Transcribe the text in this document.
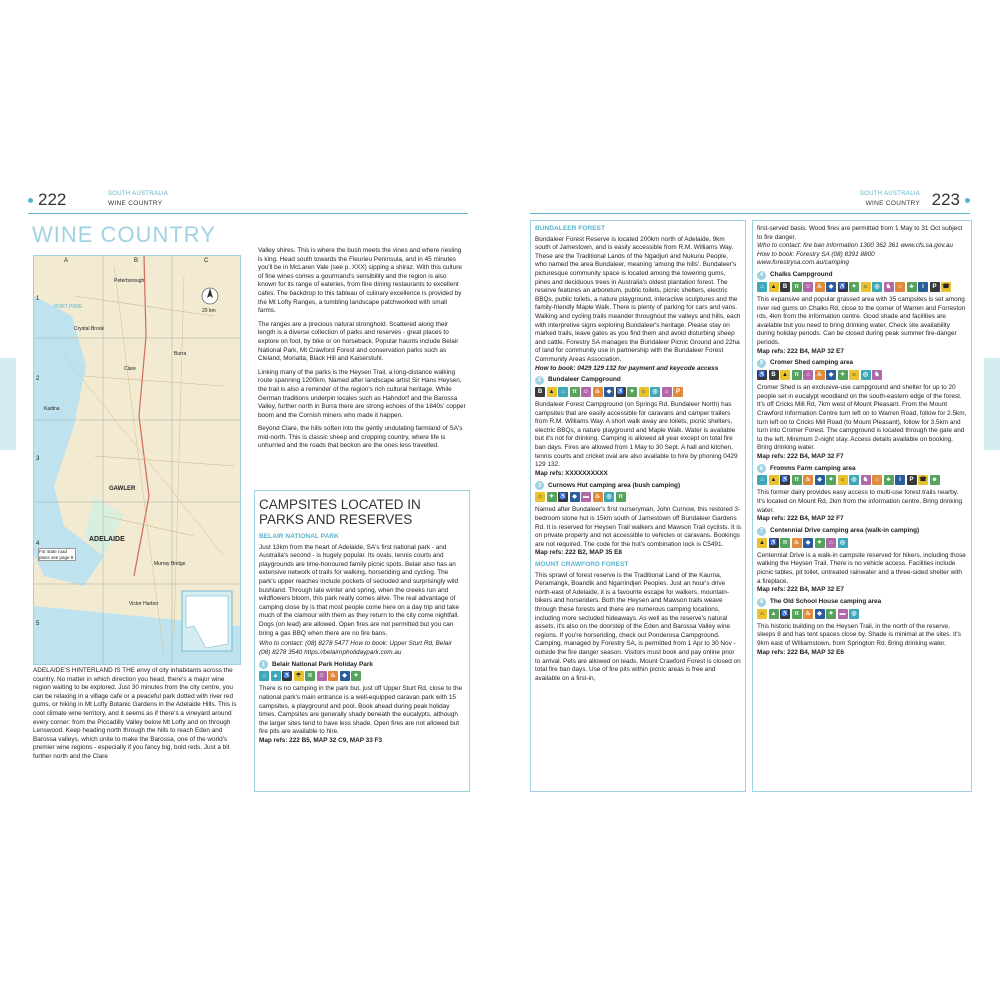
222	SOUTH AUSTRALIA
WINE COUNTRY
WINE COUNTRY
A	B	C
1
2
3
4
5
Peterborough
PORT PIRIE
Crystal Brook
Clare
Burra
GAWLER
ADELAIDE
Murray Bridge
Victor Harbor
Kadina
20 km
For state road plans see page 8

ADELAIDE'S HINTERLAND IS THE envy of city inhabitants across the country. No matter in which direction you head, there's a major wine region waiting to be explored. Just 30 minutes from the city centre, you can be relaxing in a village cafe or a peaceful park dotted with river red gums, or hiking in Mt Lofty Botanic Gardens in the Adelaide Hills. This is cool climate wine territory, and it seems as if there's a vineyard around every corner: from the Piccadilly Valley below Mt Lofty and on through Lenswood. Keep heading north through the hills to reach Eden and Barossa valleys, which unite to make the Barossa, one of the world's premier wine regions - especially if you fancy big, bold reds. Just a bit further north and the Clare

Valley shires. This is where the bush meets the vines and where riesling is king. Head south towards the Fleurieu Peninsula, and in 45 minutes you'll be in McLaren Vale (see p. XXX) sipping a shiraz. With this culture of fine wines comes a gourmand's sensibility and the region is also known for its range of eateries, from fine dining restaurants to excellent cafes. The backdrop to this tableau of culinary excellence is provided by the Mt Lofty Ranges, a tumbling landscape patchworked with small farms.

The ranges are a precious natural stronghold. Scattered along their length is a diverse collection of parks and reserves - great places to explore on foot, by bike or on horseback. Popular haunts include Belair National Park, Mt Crawford Forest and conservation parks such as Cleland, Morialta, Black Hill and Kaiserstuhl.

Linking many of the parks is the Heysen Trail, a long-distance walking route spanning 1200km. Named after landscape artist Sir Hans Heysen, the trail is also a reminder of the region's rich cultural heritage. While German traditions underpin locales such as Hahndorf and the Barossa Valley, further north in Burra there are strong echoes of the 1840s' copper boom and the Cornish miners who made it happen.

Beyond Clare, the hills soften into the gently undulating farmland of SA's mid-north. This is classic sheep and cropping country, where life is unhurried and the roads that beckon are the ones less travelled.

CAMPSITES LOCATED IN PARKS AND RESERVES
BELAIR NATIONAL PARK

Just 13km from the heart of Adelaide, SA's first national park - and Australia's second - is hugely popular. Its ovals, tennis courts and playgrounds are time-honoured family picnic spots. Belair also has an extensive network of trails for walking, horseriding and cycling. The park's upper reaches include pockets of secluded and surprisingly wild bushland. Through late winter and spring, when the creeks run and wildflowers bloom, this park really comes alive. The real advantage of camping close by is that most people come here on a day trip and take much of the clamour with them as they return to the city come nightfall. Dogs (on lead) are allowed. Open fires are not permitted but you can bring a gas BBQ when there are no fire bans.

Who to contact: (08) 8278 5477 How to book: Upper Sturt Rd, Belair (08) 8278 3540 https://belairnpholidaypark.com.au

1	Belair National Park Holiday Park
⌂	▲ ♿ ☂	π	☺ ♨	◆	✦

There is no camping in the park but, just off Upper Sturt Rd, close to the national park's main entrance is a well-equipped caravan park with 15 campsites, a playground and pool. Book ahead during peak holiday times. Campsites are generally shady beneath the eucalypts, although the larger sites tend to have less shade. Open fires are not allowed but fire pits are available to hire.

Map refs: 222 B5, MAP 32 C9, MAP 33 F3

SOUTH AUSTRALIA
WINE COUNTRY 223
BUNDALEER FOREST

Bundaleer Forest Reserve is located 200km north of Adelaide, 9km south of Jamestown, and is easily accessible from R.M. Williams Way. These are the Traditional Lands of the Ngadjuri and Nukunu People, who named the area Bundaleer, meaning 'among the hills'. Bundaleer's picturesque community space is located among the towering gums, pines and deciduous trees in Australia's oldest plantation forest. The reserve features an arboretum, public toilets, picnic shelters, electric BBQs, public toilets, a nature playground, interactive sculptures and the family-friendly Maple Walk. There is plenty of parking for cars and vans. Walking and cycling trails meander throughout the valleys and hills, each with interpretive signs exploring Bundaleer's heritage. Please stay on marked trails, leave gates as you find them and avoid disturbing sheep and cattle. Forestry SA manages the Bundaleer Picnic Ground and 22ha of land for community use in partnership with the Bundaleer Forest Community Areas Association.

How to book: 0429 129 132 for payment and keycode access

2	Bundaleer Campground
B	▲	⌂	π	☺ ♨	◆ ♿ ✦	☼	◎	⌂	P

Bundaleer Forest Campground (on Springs Rd, Bundaleer North) has campsites that are easily accessible for caravans and camper trailers from R.M. Williams Way. A short walk away are toilets, picnic shelters, electric BBQs, a nature playground and Maple Walk. Water is available but it's not for drinking. Camping is allowed all year except on total fire ban days. Fires are allowed from 1 May to 30 Sept. A hall and kitchen, tennis courts and cricket oval are also available to hire by phoning 0429 129 132.

Map refs: XXXXXXXXXX

3	Curnows Hut camping area (bush camping)
⌂	✦ ♿ ◆	▬ ♨	◎	π

Named after Bundaleer's first nurseryman, John Curnow, this restored 3-bedroom stone hut is 15km south of Jamestown off Bundaleer Gardens Rd. It is reserved for Heysen Trail walkers and Mawson Trail cyclists. It is on private property and not accessible to vehicles or caravans. Bookings are not required. The code for the hut's combination lock is C5491.

Map refs: 222 B2, MAP 35 E8

MOUNT CRAWFORD FOREST

This sprawl of forest reserve is the Traditional Land of the Kaurna, Peramangk, Boandik and Ngarrindjeri Peoples. Just an hour's drive north-east of Adelaide, it is a favourite escape for walkers, mountain-bikers and horseriders. Both the Heysen and Mawson trails weave through these forests and there are numerous camping locations, including more secluded hideaways. As well as the reserve's natural assets, it's also on the doorstep of the Eden and Barossa Valley wine regions. If you're horseriding, check out Ponderosa Campground. Camping, managed by Forestry SA, is permitted from 1 Apr to 30 Nov - outside the fire danger season. Visitors must book and pay online prior to arrival. Pets are allowed on leads. Mount Crawford Forest is closed on total fire ban days. Use of fire pits within picnic areas is free and available on a first-in,

first-served basis. Wood fires are permitted from 1 May to 31 Oct subject to fire danger.

Who to contact: fire ban information 1300 362 361 www.cfs.sa.gov.au How to book: Forestry SA (08) 8391 8800 www.forestrysa.com.au/camping

4	Chalks Campground
⌂	▲	B	π	☺ ♨	◆ ♿ ✦	☼	◎	♞	⌂	♣	i	P ☎

This expansive and popular grassed area with 35 campsites is set among river red gums on Chalks Rd, close to the corner of Warren and Forreston rds, 4km from the information centre. Good shade and facilities are available but you need to bring drinking water. Check site availability during holiday periods. Can be closed during peak summer fire-danger periods.

Map refs: 222 B4, MAP 32 E7

5	Cromer Shed camping area
♿ B	▲	π	⌂	♨	◆	✦	☼	◎	♞

Cromer Shed is an exclusive-use campground and shelter for up to 20 people set in eucalypt woodland on the south-eastern edge of the forest. It's off Cricks Mill Rd, 7km west of Mount Pleasant. From the Mount Crawford Information Centre turn left on to Warren Road, follow for 2.5km, turn left on to Cricks Mill Road (to Mount Pleasant), follow for 3.5km and turn into Cromer Forest. The campground is located through the gate and to the left. Minimum 2-night stay. Access details available on booking. Bring drinking water.

Map refs: 222 B4, MAP 32 F7

6	Fromms Farm camping area
⌂	▲ ♿ π	♨	◆	✦	☼	◎	♞	⌂	♣	i	P ☎ ☻

This former dairy provides easy access to multi-use forest trails nearby. It's located on Mount Rd, 2km from the information centre. Bring drinking water.

Map refs: 222 B4, MAP 32 F7

7	Centennial Drive camping area (walk-in camping)
▲ ♿ π	♨	◆	✦	⌂	◎

Centennial Drive is a walk-in campsite reserved for hikers, including those walking the Heysen Trail. There is no vehicle access. Facilities include picnic tables, pit toilet, untreated rainwater and a three-sided shelter with a fireplace.

Map refs: 222 B4, MAP 32 E7

8	The Old School House camping area
⌂	▲ ♿ π	♨	◆	✦ ▬ ◎

This historic building on the Heysen Trail, in the north of the reserve, sleeps 8 and has tent spaces close by. Shade is minimal at the sites. It's 9km east of Williamstown, from Springton Rd. Bring drinking water.

Map refs: 222 B4, MAP 32 E6
